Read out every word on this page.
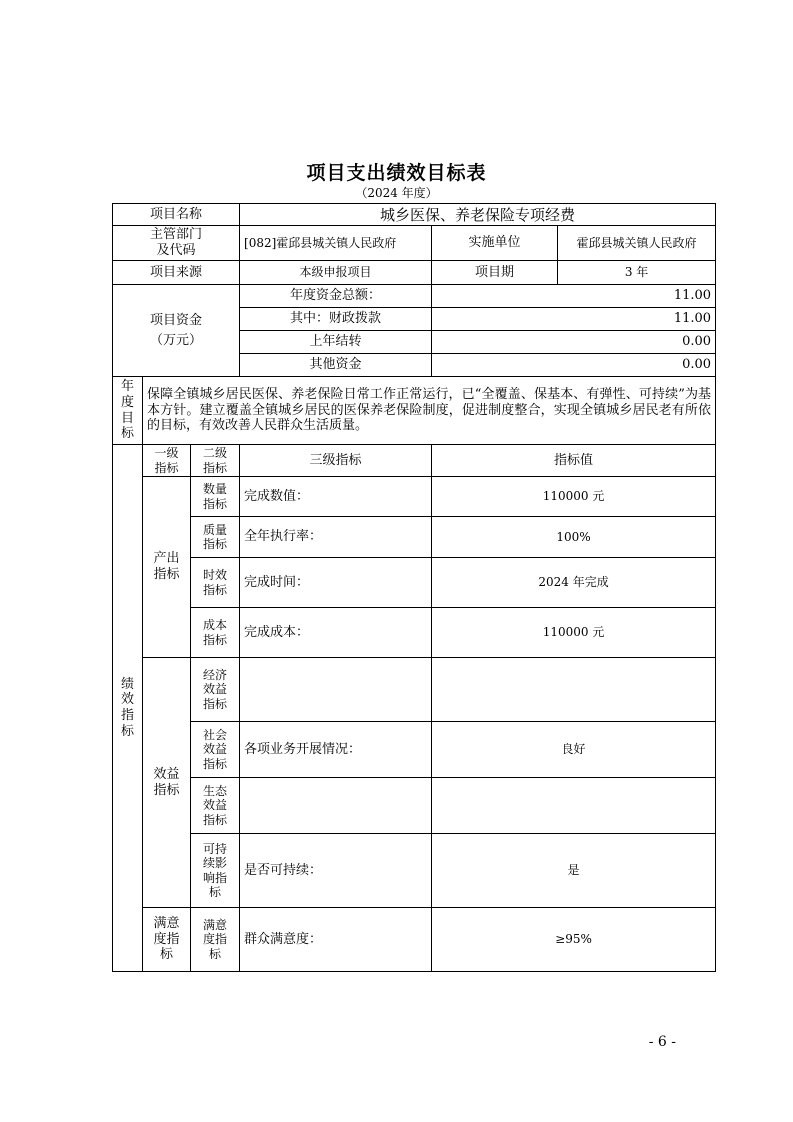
项目支出绩效目标表
（2024 年度）
项目名称			城乡医保、养老保险专项经费		

主管部门及代码			[082]霍邱县城关镇人民政府	实施单位	霍邱县城关镇人民政府
项目来源			本级申报项目	项目期	3 年

项目资金（万元）			年度资金总额：	11.00	
			其中：财政拨款	11.00	
			上年结转	0.00	
			其他资金	0.00	

年度目标	保障全镇城乡居民医保、养老保险日常工作正常运行，已“全覆盖、保基本、有弹性、可持续”为基本方针。建立覆盖全镇城乡居民的医保养老保险制度，促进制度整合，实现全镇城乡居民老有所依的目标，有效改善人民群众生活质量。				

绩效指标	一级指标	二级指标	三级指标	指标值	

	产出指标	数量指标	完成数值：	110000 元	

		质量指标	全年执行率：	100%	

		时效指标	完成时间：	2024 年完成	

		成本指标	完成成本：	110000 元	

	效益指标	经济效益指标			

		社会效益指标	各项业务开展情况：	良好	

		生态效益指标			

		可持续影响指标	是否可持续：	是	

	满意度指标	满意度指标	群众满意度：	≥95%	
- 6 -
